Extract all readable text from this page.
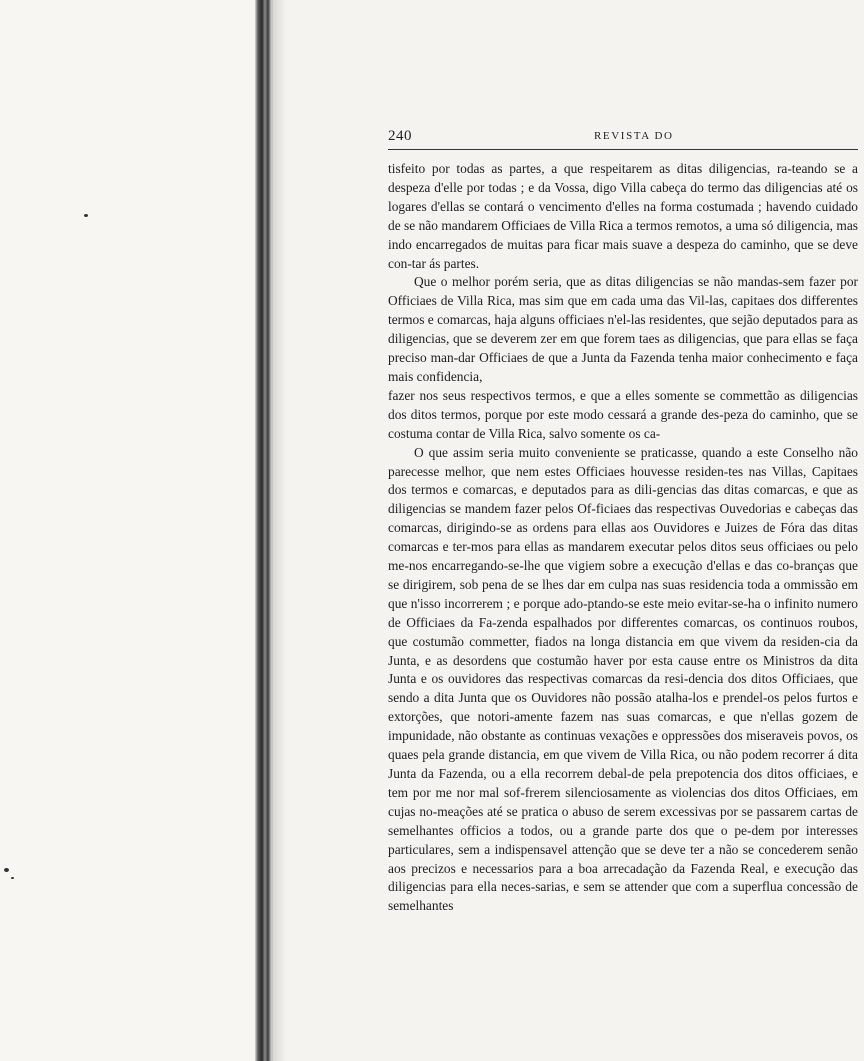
240	REVISTA DO

tisfeito por todas as partes, a que respeitarem as ditas diligencias, ra-teando se a despeza d'elle por todas ; e da Vossa, digo Villa cabeça do termo das diligencias até os logares d'ellas se contará o vencimento d'elles na forma costumada ; havendo cuidado de se não mandarem Officiaes de Villa Rica a termos remotos, a uma só diligencia, mas indo encarregados de muitas para ficar mais suave a despeza do caminho, que se deve con-tar ás partes.

Que o melhor porém seria, que as ditas diligencias se não mandas-sem fazer por Officiaes de Villa Rica, mas sim que em cada uma das Vil-las, capitaes dos differentes termos e comarcas, haja alguns officiaes n'el-las residentes, que sejão deputados para as diligencias, que se deverem zer em que forem taes as diligencias, que para ellas se faça preciso man-dar Officiaes de que a Junta da Fazenda tenha maior conhecimento e faça mais confidencia,

fazer nos seus respectivos termos, e que a elles somente se commettão as diligencias dos ditos termos, porque por este modo cessará a grande des-peza do caminho, que se costuma contar de Villa Rica, salvo somente os ca-

O que assim seria muito conveniente se praticasse, quando a este Conselho não parecesse melhor, que nem estes Officiaes houvesse residen-tes nas Villas, Capitaes dos termos e comarcas, e deputados para as dili-gencias das ditas comarcas, e que as diligencias se mandem fazer pelos Of-ficiaes das respectivas Ouvedorias e cabeças das comarcas, dirigindo-se as ordens para ellas aos Ouvidores e Juizes de Fóra das ditas comarcas e ter-mos para ellas as mandarem executar pelos ditos seus officiaes ou pelo me-nos encarregando-se-lhe que vigiem sobre a execução d'ellas e das co-branças que se dirigirem, sob pena de se lhes dar em culpa nas suas residencia toda a ommissão em que n'isso incorrerem ; e porque ado-ptando-se este meio evitar-se-ha o infinito numero de Officiaes da Fa-zenda espalhados por differentes comarcas, os continuos roubos, que costumão commetter, fiados na longa distancia em que vivem da residen-cia da Junta, e as desordens que costumão haver por esta cause entre os Ministros da dita Junta e os ouvidores das respectivas comarcas da resi-dencia dos ditos Officiaes, que sendo a dita Junta que os Ouvidores não possão atalha-los e prendel-os pelos furtos e extorções, que notori-amente fazem nas suas comarcas, e que n'ellas gozem de impunidade, não obstante as continuas vexações e oppressões dos miseraveis povos, os quaes pela grande distancia, em que vivem de Villa Rica, ou não podem recorrer á dita Junta da Fazenda, ou a ella recorrem debal-de pela prepotencia dos ditos officiaes, e tem por me nor mal sof-frerem silenciosamente as violencias dos ditos Officiaes, em cujas no-meações até se pratica o abuso de serem excessivas por se passarem cartas de semelhantes officios a todos, ou a grande parte dos que o pe-dem por interesses particulares, sem a indispensavel attenção que se deve ter a não se concederem senão aos precizos e necessarios para a boa arrecadação da Fazenda Real, e execução das diligencias para ella neces-sarias, e sem se attender que com a superflua concessão de semelhantes
